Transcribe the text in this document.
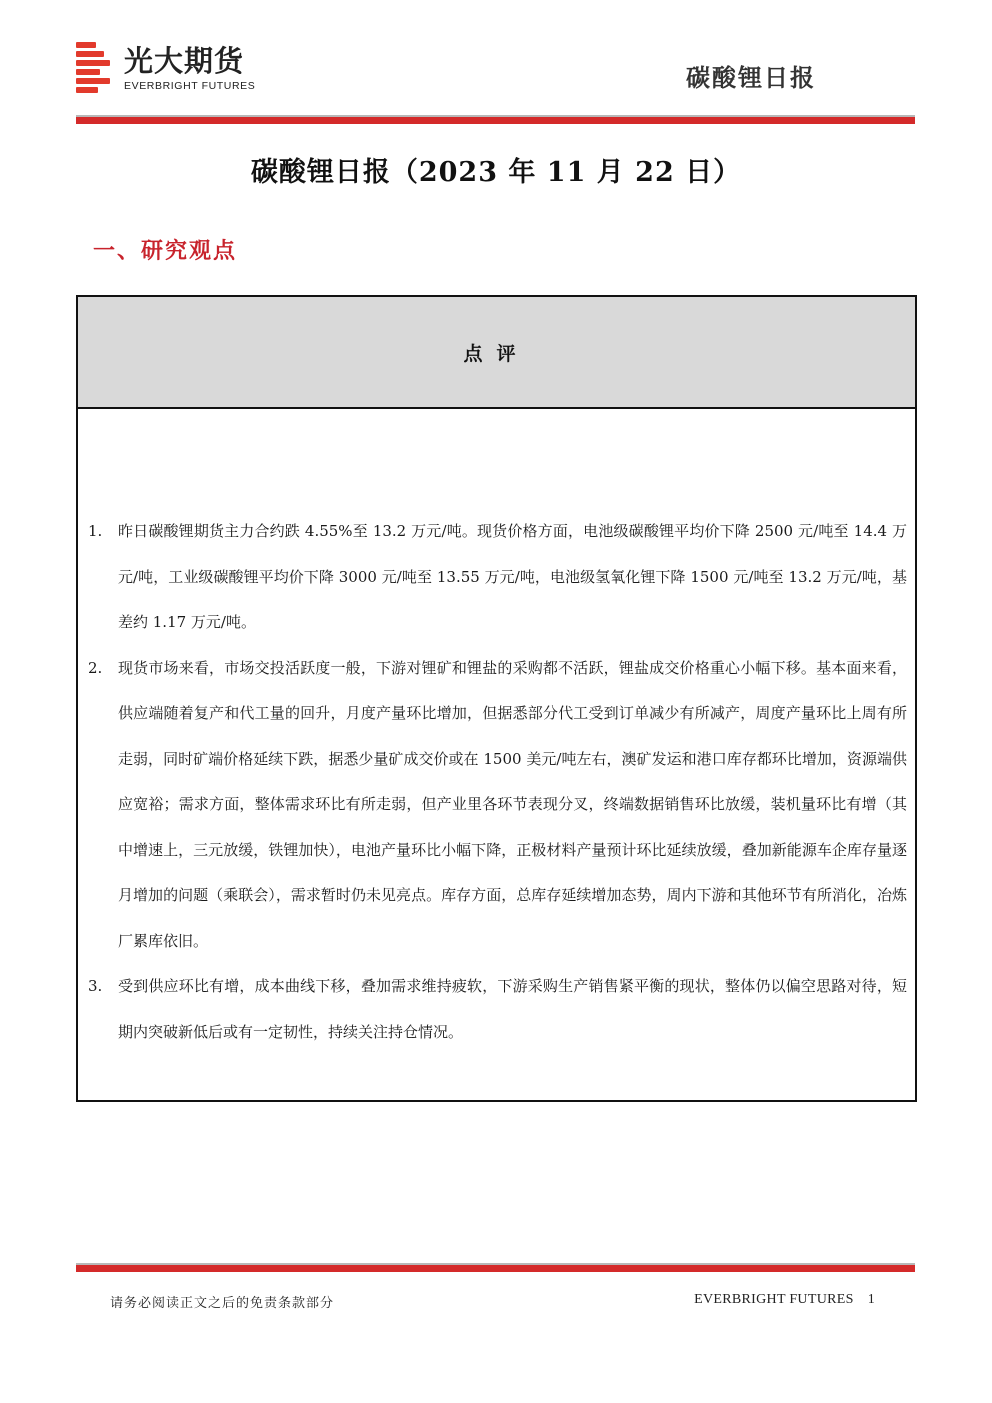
光大期货
EVERBRIGHT FUTURES	碳酸锂日报
碳酸锂日报（2023 年 11 月 22 日）
一、研究观点
点评
1. 昨日碳酸锂期货主力合约跌 4.55%至 13.2 万元/吨。现货价格方面，电池级碳酸锂平均价下降 2500 元/吨至 14.4 万元/吨，工业级碳酸锂平均价下降 3000 元/吨至 13.55 万元/吨，电池级氢氧化锂下降 1500 元/吨至 13.2 万元/吨，基差约 1.17 万元/吨。
2. 现货市场来看，市场交投活跃度一般，下游对锂矿和锂盐的采购都不活跃，锂盐成交价格重心小幅下移。基本面来看，供应端随着复产和代工量的回升，月度产量环比增加，但据悉部分代工受到订单减少有所减产，周度产量环比上周有所走弱，同时矿端价格延续下跌，据悉少量矿成交价或在 1500 美元/吨左右，澳矿发运和港口库存都环比增加，资源端供应宽裕；需求方面，整体需求环比有所走弱，但产业里各环节表现分叉，终端数据销售环比放缓，装机量环比有增（其中增速上，三元放缓，铁锂加快），电池产量环比小幅下降，正极材料产量预计环比延续放缓，叠加新能源车企库存量逐月增加的问题（乘联会），需求暂时仍未见亮点。库存方面，总库存延续增加态势，周内下游和其他环节有所消化，冶炼厂累库依旧。
3. 受到供应环比有增，成本曲线下移，叠加需求维持疲软，下游采购生产销售紧平衡的现状，整体仍以偏空思路对待，短期内突破新低后或有一定韧性，持续关注持仓情况。
请务必阅读正文之后的免责条款部分	EVERBRIGHT FUTURES 1
